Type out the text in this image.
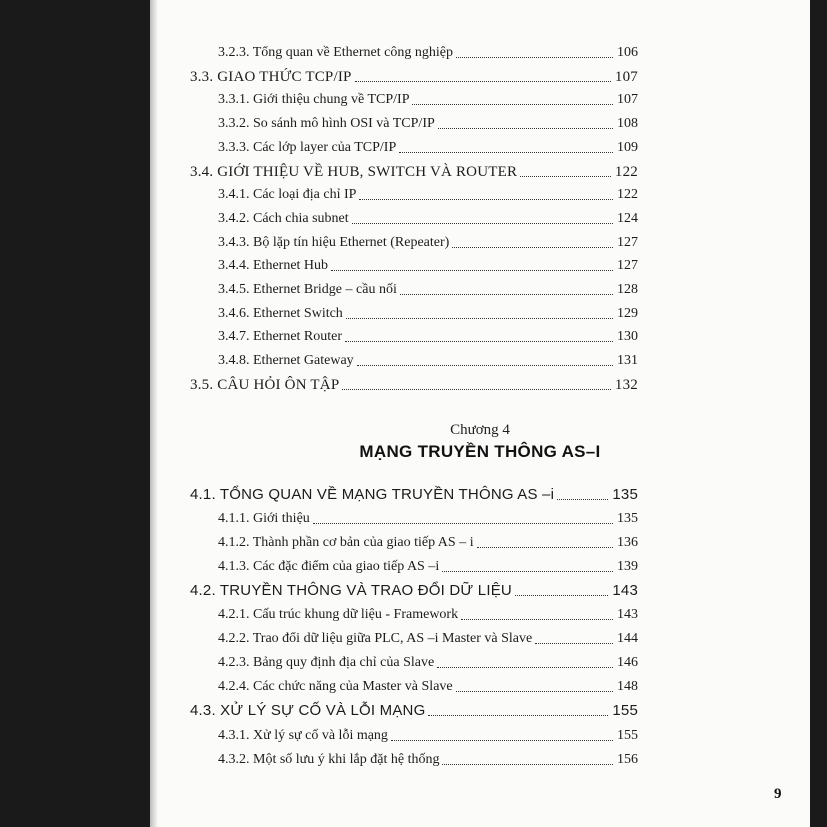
3.2.3. Tổng quan về Ethernet công nghiệp	106
3.3. GIAO THỨC TCP/IP	107
3.3.1. Giới thiệu chung về TCP/IP	107
3.3.2. So sánh mô hình OSI và TCP/IP	108
3.3.3. Các lớp layer của TCP/IP	109
3.4. GIỚI THIỆU VỀ HUB, SWITCH VÀ ROUTER	122
3.4.1. Các loại địa chỉ IP	122
3.4.2. Cách chia subnet	124
3.4.3. Bộ lặp tín hiệu Ethernet (Repeater)	127
3.4.4. Ethernet Hub	127
3.4.5. Ethernet Bridge – cầu nối	128
3.4.6. Ethernet Switch	129
3.4.7. Ethernet Router	130
3.4.8. Ethernet Gateway	131
3.5. CÂU HỎI ÔN TẬP	132
Chương 4
MẠNG TRUYỀN THÔNG AS–I
4.1. TỔNG QUAN VỀ MẠNG TRUYỀN THÔNG AS –i	135
4.1.1. Giới thiệu	135
4.1.2. Thành phần cơ bản của giao tiếp AS – i	136
4.1.3. Các đặc điểm của giao tiếp AS –i	139
4.2. TRUYỀN THÔNG VÀ TRAO ĐỔI DỮ LIỆU	143
4.2.1. Cấu trúc khung dữ liệu - Framework	143
4.2.2. Trao đổi dữ liệu giữa PLC, AS –i Master và Slave	144
4.2.3. Bảng quy định địa chỉ của Slave	146
4.2.4. Các chức năng của Master và Slave	148
4.3. XỬ LÝ SỰ CỐ VÀ LỖI MẠNG	155
4.3.1. Xử lý sự cố và lỗi mạng	155
4.3.2. Một số lưu ý khi lắp đặt hệ thống	156
9
